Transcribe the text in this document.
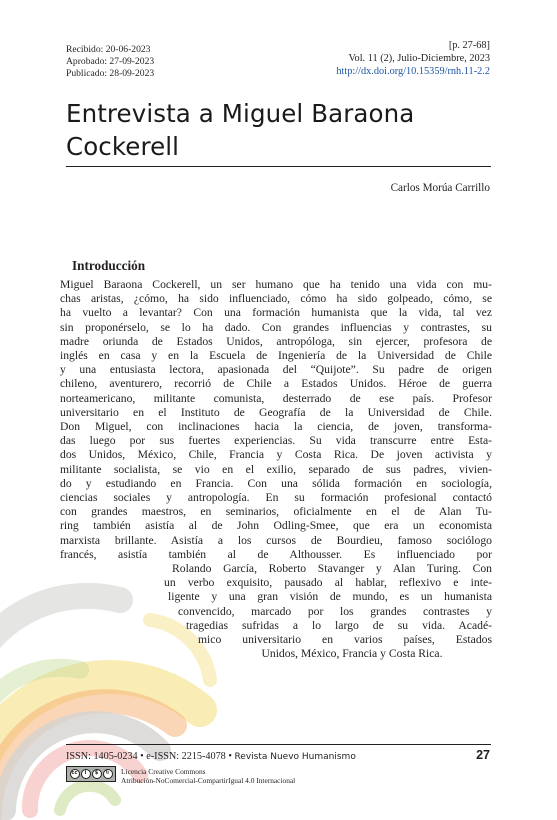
Recibido: 20-06-2023
Aprobado: 27-09-2023
Publicado: 28-09-2023
[p. 27-68]
Vol. 11 (2), Julio-Diciembre, 2023
http://dx.doi.org/10.15359/rnh.11-2.2
Entrevista a Miguel Baraona
Cockerell
Carlos Morúa Carrillo
Introducción
Miguel Baraona Cockerell, un ser humano que ha tenido una vida con mu-
chas aristas, ¿cómo, ha sido influenciado, cómo ha sido golpeado, cómo, se
ha vuelto a levantar? Con una formación humanista que la vida, tal vez
sin proponérselo, se lo ha dado. Con grandes influencias y contrastes, su
madre oriunda de Estados Unidos, antropóloga, sin ejercer, profesora de
inglés en casa y en la Escuela de Ingeniería de la Universidad de Chile
y una entusiasta lectora, apasionada del “Quijote”. Su padre de origen
chileno, aventurero, recorrió de Chile a Estados Unidos. Héroe de guerra
norteamericano, militante comunista, desterrado de ese país. Profesor
universitario en el Instituto de Geografía de la Universidad de Chile.
Don Miguel, con inclinaciones hacia la ciencia, de joven, transforma-
das luego por sus fuertes experiencias. Su vida transcurre entre Esta-
dos Unidos, México, Chile, Francia y Costa Rica. De joven activista y
militante socialista, se vio en el exilio, separado de sus padres, vivien-
do y estudiando en Francia. Con una sólida formación en sociología,
ciencias sociales y antropología. En su formación profesional contactó
con grandes maestros, en seminarios, oficialmente en el de Alan Tu-
ring también asistía al de John Odling-Smee, que era un economista
marxista brillante. Asistía a los cursos de Bourdieu, famoso sociólogo
francés, asistía también al de Althousser. Es influenciado por
Rolando García, Roberto Stavanger y Alan Turing. Con
un verbo exquisito, pausado al hablar, reflexivo e inte-
ligente y una gran visión de mundo, es un humanista
convencido, marcado por los grandes contrastes y
tragedias sufridas a lo largo de su vida. Acadé-
mico universitario en varios países, Estados
Unidos, México, Francia y Costa Rica.
ISSN: 1405-0234 • e-ISSN: 2215-4078 • Revista Nuevo Humanismo	27
cc	i	$	↻	Licencia Creative Commons
Atribución-NoComercial-CompartirIgual 4.0 Internacional
